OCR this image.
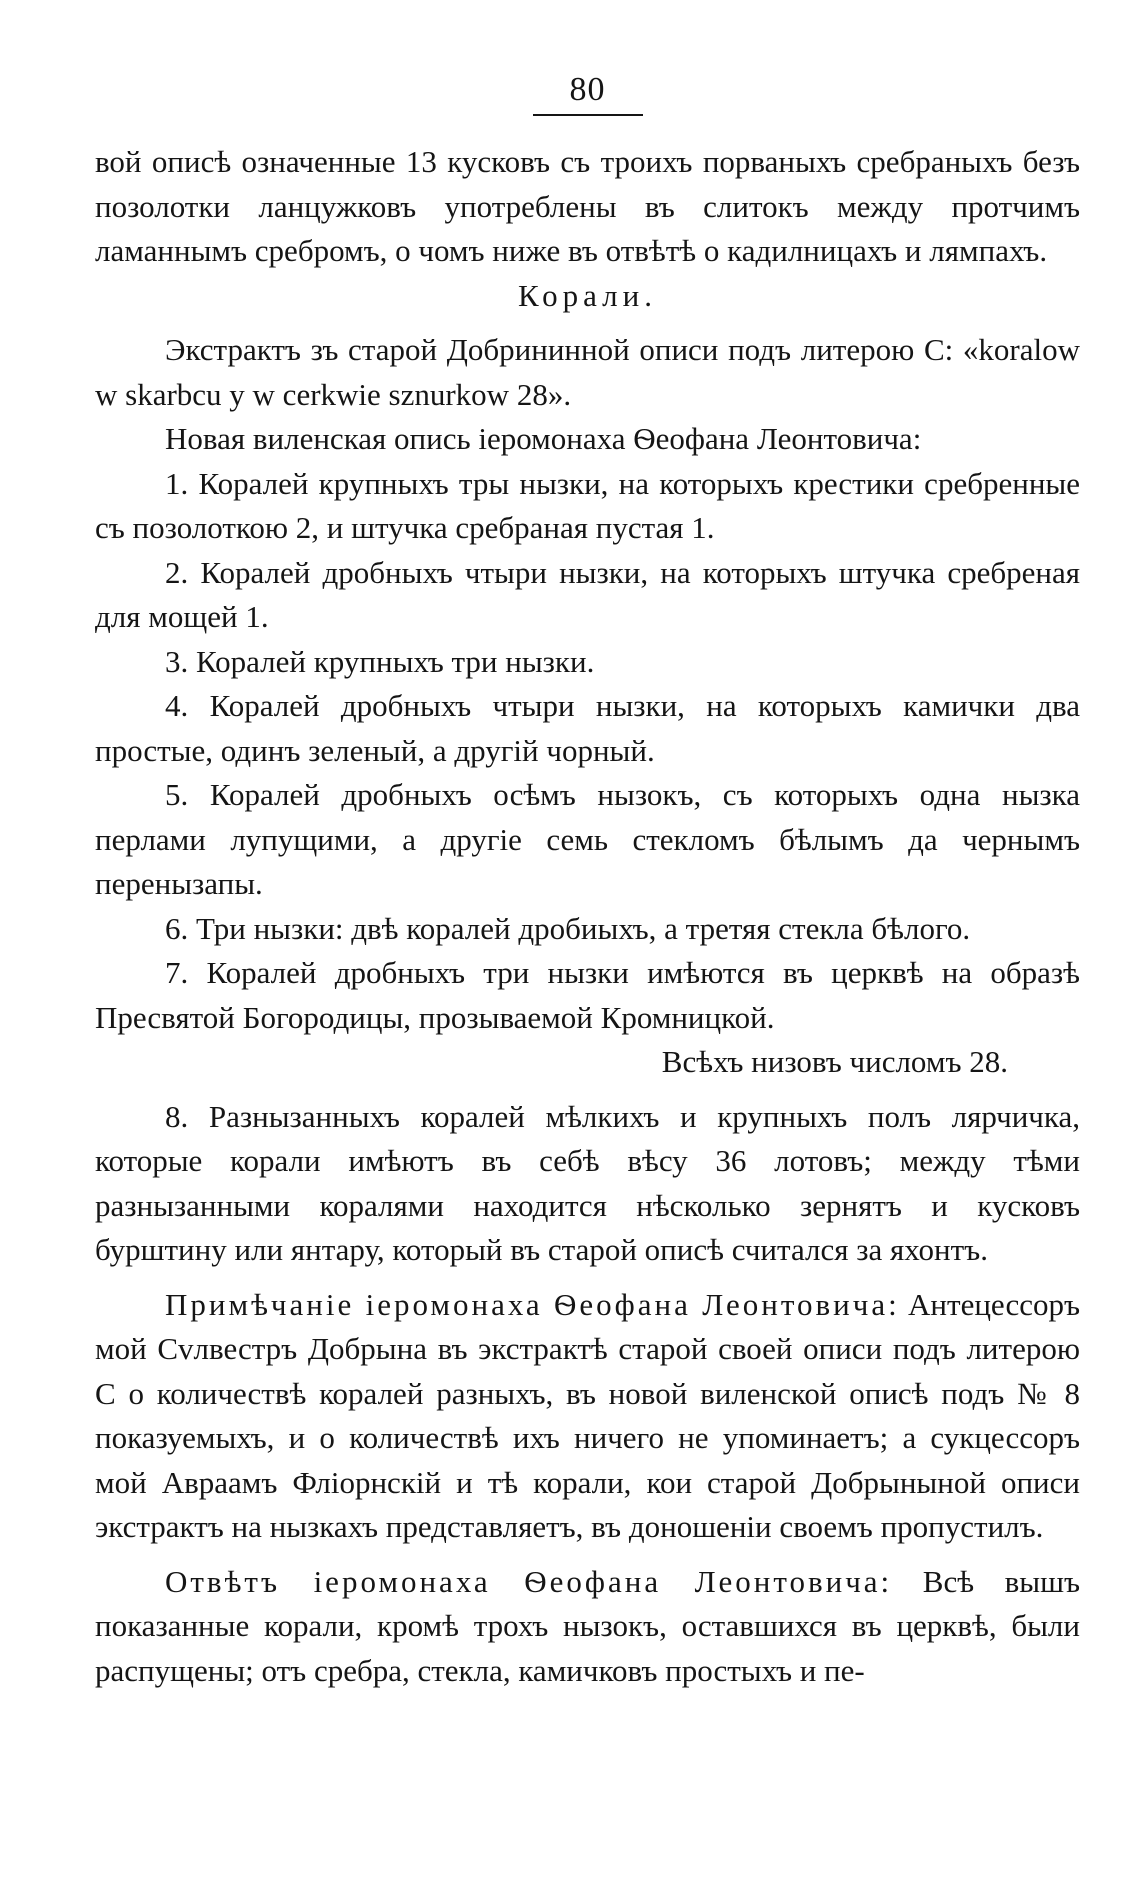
80

вой описѣ означенные 13 кусковъ съ троихъ порваныхъ сребраныхъ безъ позолотки ланцужковъ употреблены въ слитокъ между протчимъ ламаннымъ сребромъ, о чомъ ниже въ отвѣтѣ о кадилницахъ и лямпахъ.

Корали.

Экстрактъ зъ старой Добрининной описи подъ литерою С: «koralow w skarbcu y w cerkwie sznurkow 28».

Новая виленская опись іеромонаха Ѳеофана Леонтовича:

1. Коралей крупныхъ тры нызки, на которыхъ крестики сребренные съ позолоткою 2, и штучка сребраная пустая 1.

2. Коралей дробныхъ чтыри нызки, на которыхъ штучка сребреная для мощей 1.

3. Коралей крупныхъ три нызки.

4. Коралей дробныхъ чтыри нызки, на которыхъ камички два простые, одинъ зеленый, а другій чорный.

5. Коралей дробныхъ осѣмъ нызокъ, съ которыхъ одна нызка перлами лупущими, а другіе семь стекломъ бѣлымъ да чернымъ перенызапы.

6. Три нызки: двѣ коралей дробиыхъ, а третяя стекла бѣлого.

7. Коралей дробныхъ три нызки имѣются въ церквѣ на образѣ Пресвятой Богородицы, прозываемой Кромницкой.

Всѣхъ низовъ числомъ 28.

8. Разнызанныхъ коралей мѣлкихъ и крупныхъ полъ лярчичка, которые корали имѣютъ въ себѣ вѣсу 36 лотовъ; между тѣми разнызанными коралями находится нѣсколько зернятъ и кусковъ бурштину или янтару, который въ старой описѣ считался за яхонтъ.

Примѣчаніе іеромонаха Ѳеофана Леонтовича: Антецессоръ мой Сvлвестръ Добрына въ экстрактѣ старой своей описи подъ литерою С о количествѣ коралей разныхъ, въ новой виленской описѣ подъ № 8 показуемыхъ, и о количествѣ ихъ ничего не упоминаетъ; а сукцессоръ мой Авраамъ Флiорнскій и тѣ корали, кои старой Добрыныной описи экстрактъ на нызкахъ представляетъ, въ доношеніи своемъ пропустилъ.

Отвѣтъ іеромонаха Ѳеофана Леонтовича: Всѣ вышъ показанные корали, кромѣ трохъ нызокъ, оставшихся въ церквѣ, были распущены; отъ сребра, стекла, камичковъ простыхъ и пе-
